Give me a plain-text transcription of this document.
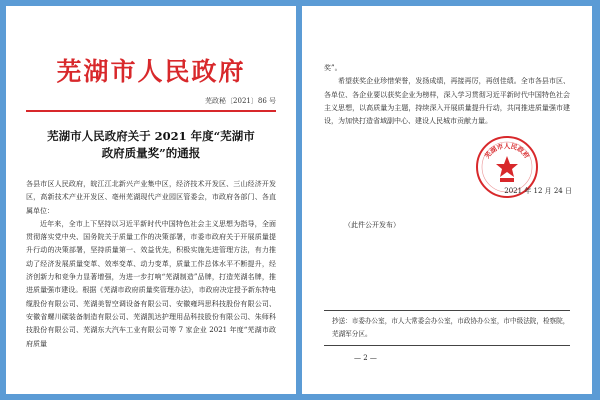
芜湖市人民政府
芜政秘〔2021〕86 号
芜湖市人民政府关于 2021 年度“芜湖市
政府质量奖”的通报
各县市区人民政府，皖江江北新兴产业集中区，经济技术开发区、三山经济开发区，高新技术产业开发区、亳州芜湖现代产业园区管委会，市政府各部门、各直属单位：
近年来，全市上下坚持以习近平新时代中国特色社会主义思想为指导，全面贯彻落实党中央、国务院关于质量工作的决策部署，市委市政府关于开展质量提升行动的决策部署，坚持质量第一、效益优先，积极实施先进管理方法，有力推动了经济发展质量变革、效率变革、动力变革，质量工作总体水平不断提升，经济创新力和竞争力显著增强，为进一步打响“芜湖制造”品牌，打造芜湖名牌，推进质量强市建设。根据《芜湖市政府质量奖管理办法》，市政府决定授予新东特电缆股份有限公司、芜湖美智空调设备有限公司、安徽雍玛思科技股份有限公司、安徽省螺川碳装备制造有限公司、芜湖凯达护理用品科技股份有限公司、朱师科技股份有限公司、芜湖东大汽车工业有限公司等 7 家企业 2021 年度“芜湖市政府质量
奖”。
希望获奖企业珍惜荣誉，发扬成绩，再接再厉，再创佳绩。全市各县市区、各单位、各企业要以获奖企业为榜样，深入学习贯彻习近平新时代中国特色社会主义思想，以高质量为主题，持续深入开展质量提升行动，共同推进质量强市建设，为加快打造省域副中心、建设人民城市贡献力量。
芜湖市人民政府
2021 年 12 月 24 日
（此件公开发布）
抄送：市委办公室，市人大常委会办公室，市政协办公室，市中级法院，检察院，芜湖军分区。
— 2 —
